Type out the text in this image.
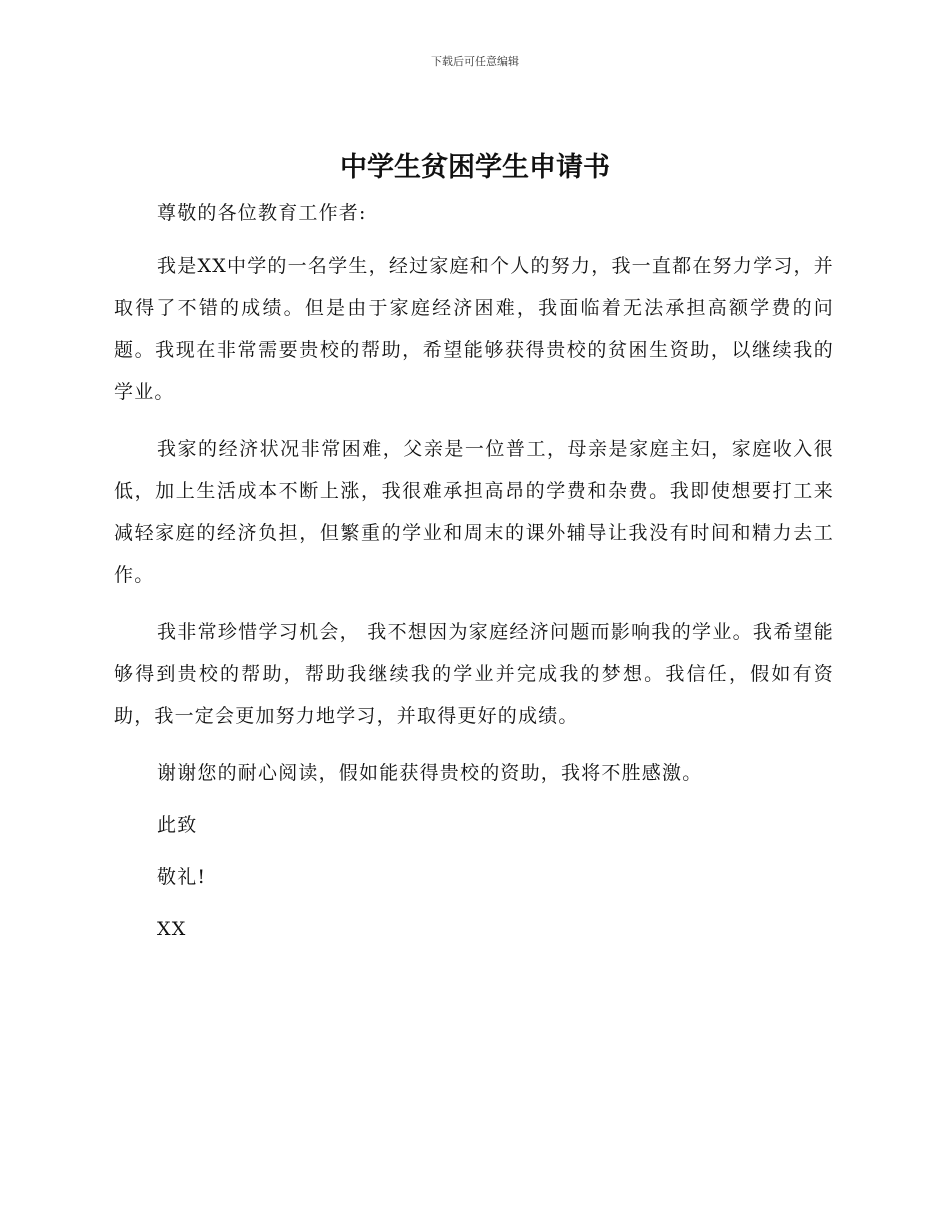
下载后可任意编辑
中学生贫困学生申请书

尊敬的各位教育工作者:

我是XX中学的一名学生，经过家庭和个人的努力，我一直都在努力学习，并取得了不错的成绩。但是由于家庭经济困难，我面临着无法承担高额学费的问题。我现在非常需要贵校的帮助，希望能够获得贵校的贫困生资助，以继续我的学业。

我家的经济状况非常困难，父亲是一位普工，母亲是家庭主妇，家庭收入很低，加上生活成本不断上涨，我很难承担高昂的学费和杂费。我即使想要打工来减轻家庭的经济负担，但繁重的学业和周末的课外辅导让我没有时间和精力去工作。

我非常珍惜学习机会， 我不想因为家庭经济问题而影响我的学业。我希望能够得到贵校的帮助，帮助我继续我的学业并完成我的梦想。我信任，假如有资助，我一定会更加努力地学习，并取得更好的成绩。

谢谢您的耐心阅读，假如能获得贵校的资助，我将不胜感激。

此致

敬礼!

XX
